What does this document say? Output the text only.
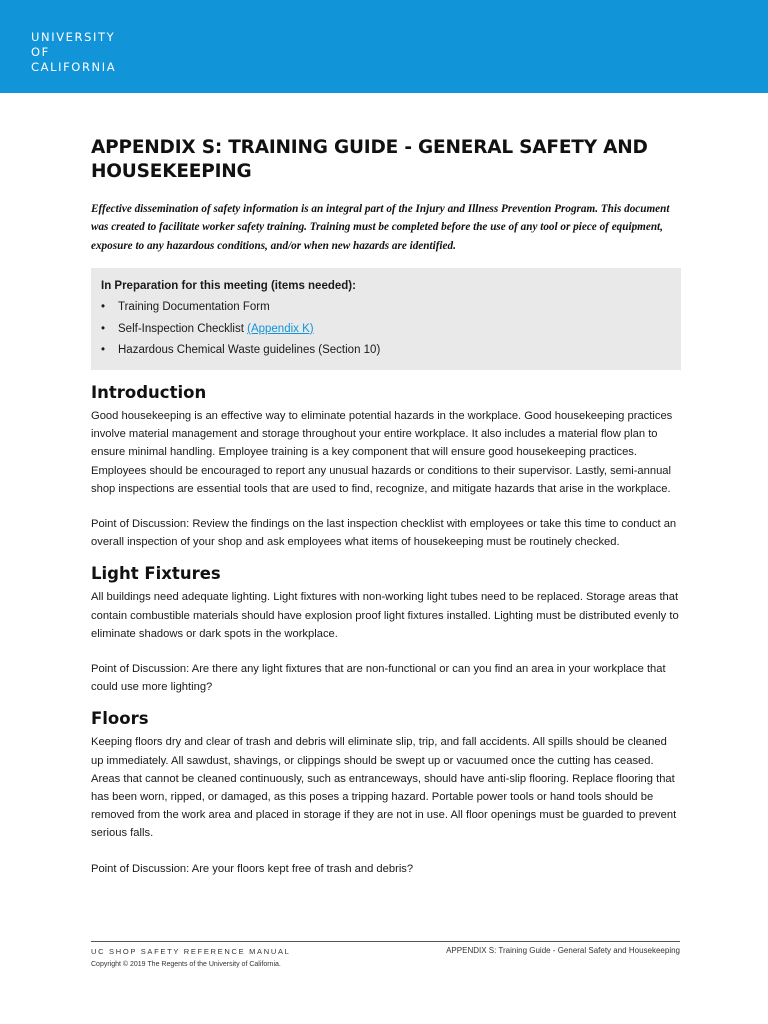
UNIVERSITY
OF
CALIFORNIA
APPENDIX S: TRAINING GUIDE - GENERAL SAFETY AND HOUSEKEEPING

Effective dissemination of safety information is an integral part of the Injury and Illness Prevention Program. This document was created to facilitate worker safety training. Training must be completed before the use of any tool or piece of equipment, exposure to any hazardous conditions, and/or when new hazards are identified.

In Preparation for this meeting (items needed):
• Training Documentation Form
• Self-Inspection Checklist (Appendix K)
• Hazardous Chemical Waste guidelines (Section 10)
Introduction

Good housekeeping is an effective way to eliminate potential hazards in the workplace. Good housekeeping practices involve material management and storage throughout your entire workplace. It also includes a material flow plan to ensure minimal handling. Employee training is a key component that will ensure good housekeeping practices. Employees should be encouraged to report any unusual hazards or conditions to their supervisor. Lastly, semi-annual shop inspections are essential tools that are used to find, recognize, and mitigate hazards that arise in the workplace.

Point of Discussion: Review the findings on the last inspection checklist with employees or take this time to conduct an overall inspection of your shop and ask employees what items of housekeeping must be routinely checked.

Light Fixtures

All buildings need adequate lighting. Light fixtures with non-working light tubes need to be replaced. Storage areas that contain combustible materials should have explosion proof light fixtures installed. Lighting must be distributed evenly to eliminate shadows or dark spots in the workplace.

Point of Discussion: Are there any light fixtures that are non-functional or can you find an area in your workplace that could use more lighting?

Floors

Keeping floors dry and clear of trash and debris will eliminate slip, trip, and fall accidents. All spills should be cleaned up immediately. All sawdust, shavings, or clippings should be swept up or vacuumed once the cutting has ceased. Areas that cannot be cleaned continuously, such as entranceways, should have anti-slip flooring. Replace flooring that has been worn, ripped, or damaged, as this poses a tripping hazard. Portable power tools or hand tools should be removed from the work area and placed in storage if they are not in use. All floor openings must be guarded to prevent serious falls.

Point of Discussion: Are your floors kept free of trash and debris?

UC SHOP SAFETY REFERENCE MANUAL	APPENDIX S: Training Guide - General Safety and Housekeeping
Copyright © 2019 The Regents of the University of California.
